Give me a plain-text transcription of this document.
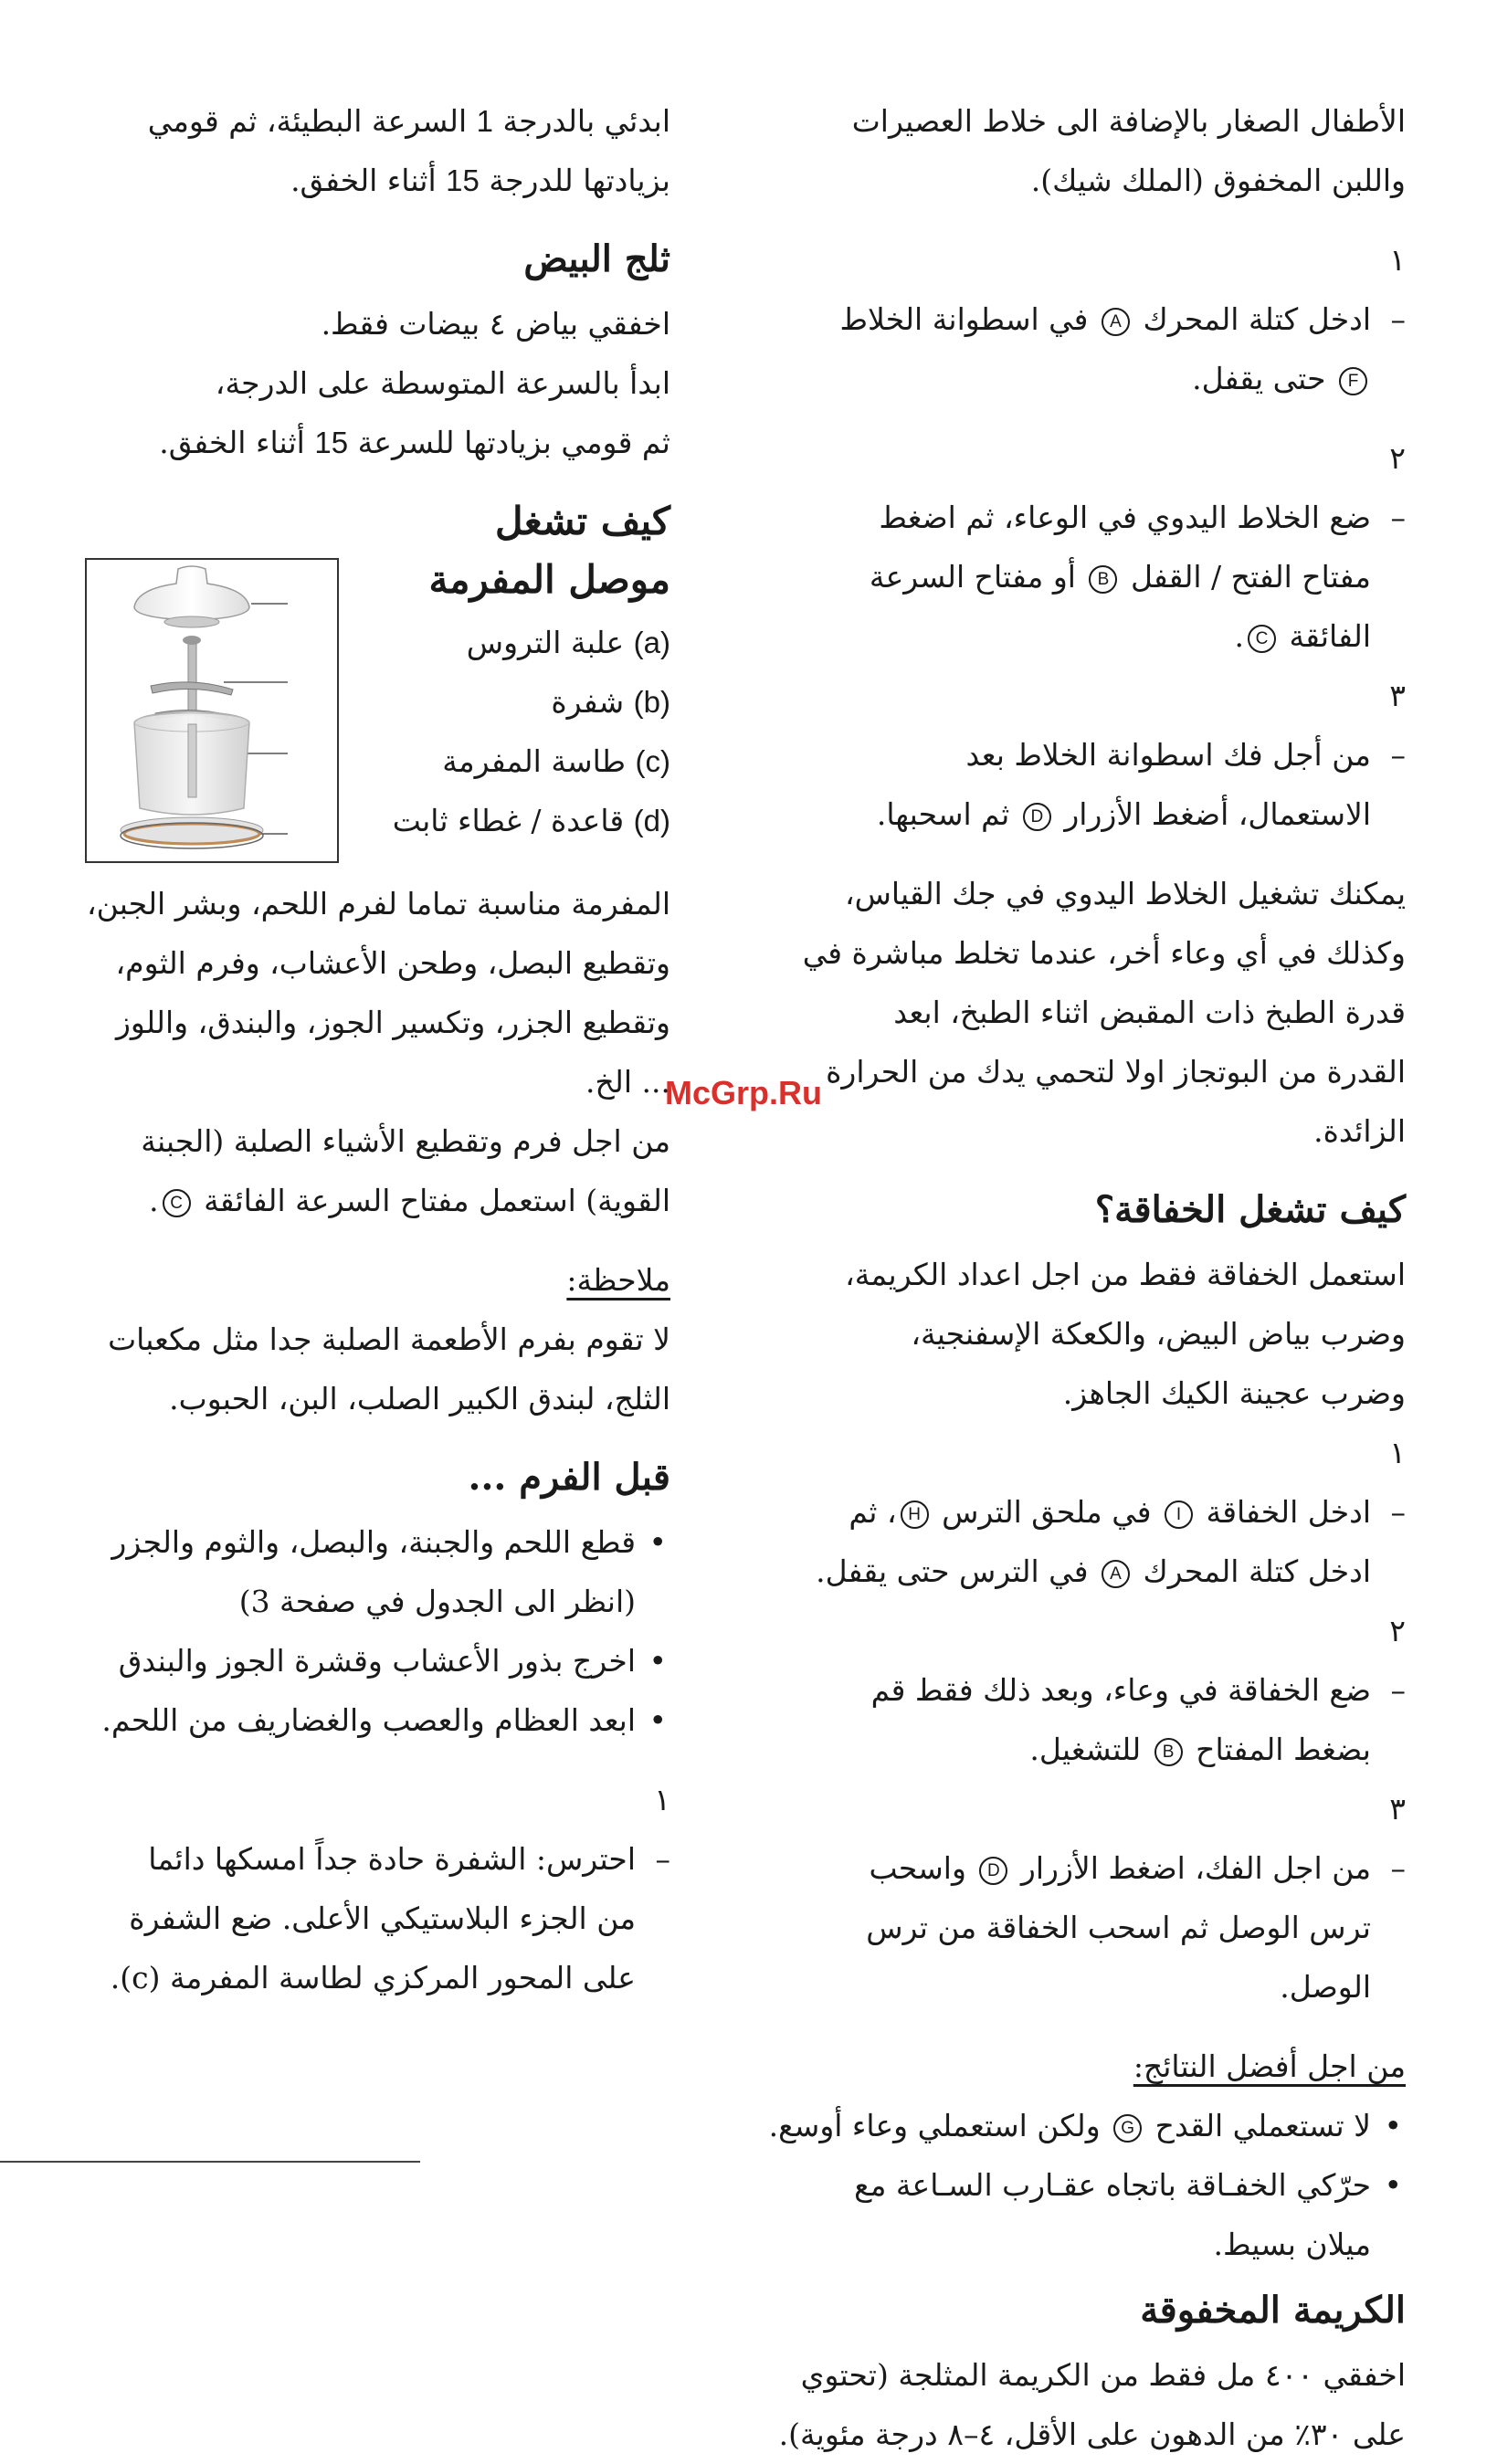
الأطفال الصغار بالإضافة الى خلاط العصيرات

واللبن المخفوق (الملك شيك).

١ –ادخل كتلة المحرك A في اسطوانة الخلاط

F حتى يقفل.

٢ –ضع الخلاط اليدوي في الوعاء، ثم اضغط

مفتاح الفتح / القفل B أو مفتاح السرعة

الفائقة C.

٣ –من أجل فك اسطوانة الخلاط بعد

الاستعمال، أضغط الأزرار D ثم اسحبها.

يمكنك تشغيل الخلاط اليدوي في جك القياس،

وكذلك في أي وعاء أخر، عندما تخلط مباشرة في

قدرة الطبخ ذات المقبض اثناء الطبخ، ابعد

القدرة من البوتجاز اولا لتحمي يدك من الحرارة

الزائدة.

كيف تشغل الخفاقة؟

استعمل الخفاقة فقط من اجل اعداد الكريمة،

وضرب بياض البيض، والكعكة الإسفنجية،

وضرب عجينة الكيك الجاهز.

١ –ادخل الخفاقة I في ملحق الترس H، ثم

ادخل كتلة المحرك A في الترس حتى يقفل.

٢ –ضع الخفاقة في وعاء، وبعد ذلك فقط قم

بضغط المفتاح B للتشغيل.

٣ –من اجل الفك، اضغط الأزرار D واسحب

ترس الوصل ثم اسحب الخفاقة من ترس الوصل.

من اجل أفضل النتائج:

•لا تستعملي القدح G ولكن استعملي وعاء أوسع.

•حرّكي الخفـاقة باتجاه عقـارب السـاعة مع

ميلان بسيط.

الكريمة المخفوقة

اخفقي ٤٠٠ مل فقط من الكريمة المثلجة (تحتوي

على ٣٠٪ من الدهون على الأقل، ٤–٨ درجة مئوية).

ابدئي بالدرجة 1 السرعة البطيئة، ثم قومي

بزيادتها للدرجة 15 أثناء الخفق.

ثلج البيض

اخفقي بياض ٤ بيضات فقط.

ابدأ بالسرعة المتوسطة على الدرجة،

ثم قومي بزيادتها للسرعة 15 أثناء الخفق.

كيف تشغل
موصل المفرمة

(a) علبة التروس

(b) شفرة

(c) طاسة المفرمة

(d) قاعدة / غطاء ثابت

المفرمة مناسبة تماما لفرم اللحم، وبشر الجبن،

وتقطيع البصل، وطحن الأعشاب، وفرم الثوم،

وتقطيع الجزر، وتكسير الجوز، والبندق، واللوز

... الخ.

من اجل فرم وتقطيع الأشياء الصلبة (الجبنة

القوية) استعمل مفتاح السرعة الفائقة C.

ملاحظة:

لا تقوم بفرم الأطعمة الصلبة جدا مثل مكعبات

الثلج، لبندق الكبير الصلب، البن، الحبوب.

قبل الفرم ...

•قطع اللحم والجبنة، والبصل، والثوم والجزر

(انظر الى الجدول في صفحة 3)

•اخرج بذور الأعشاب وقشرة الجوز والبندق

•ابعد العظام والعصب والغضاريف من اللحم.

١ –احترس: الشفرة حادة جداً امسكها دائما

من الجزء البلاستيكي الأعلى. ضع الشفرة

على المحور المركزي لطاسة المفرمة (c).

McGrp.Ru
